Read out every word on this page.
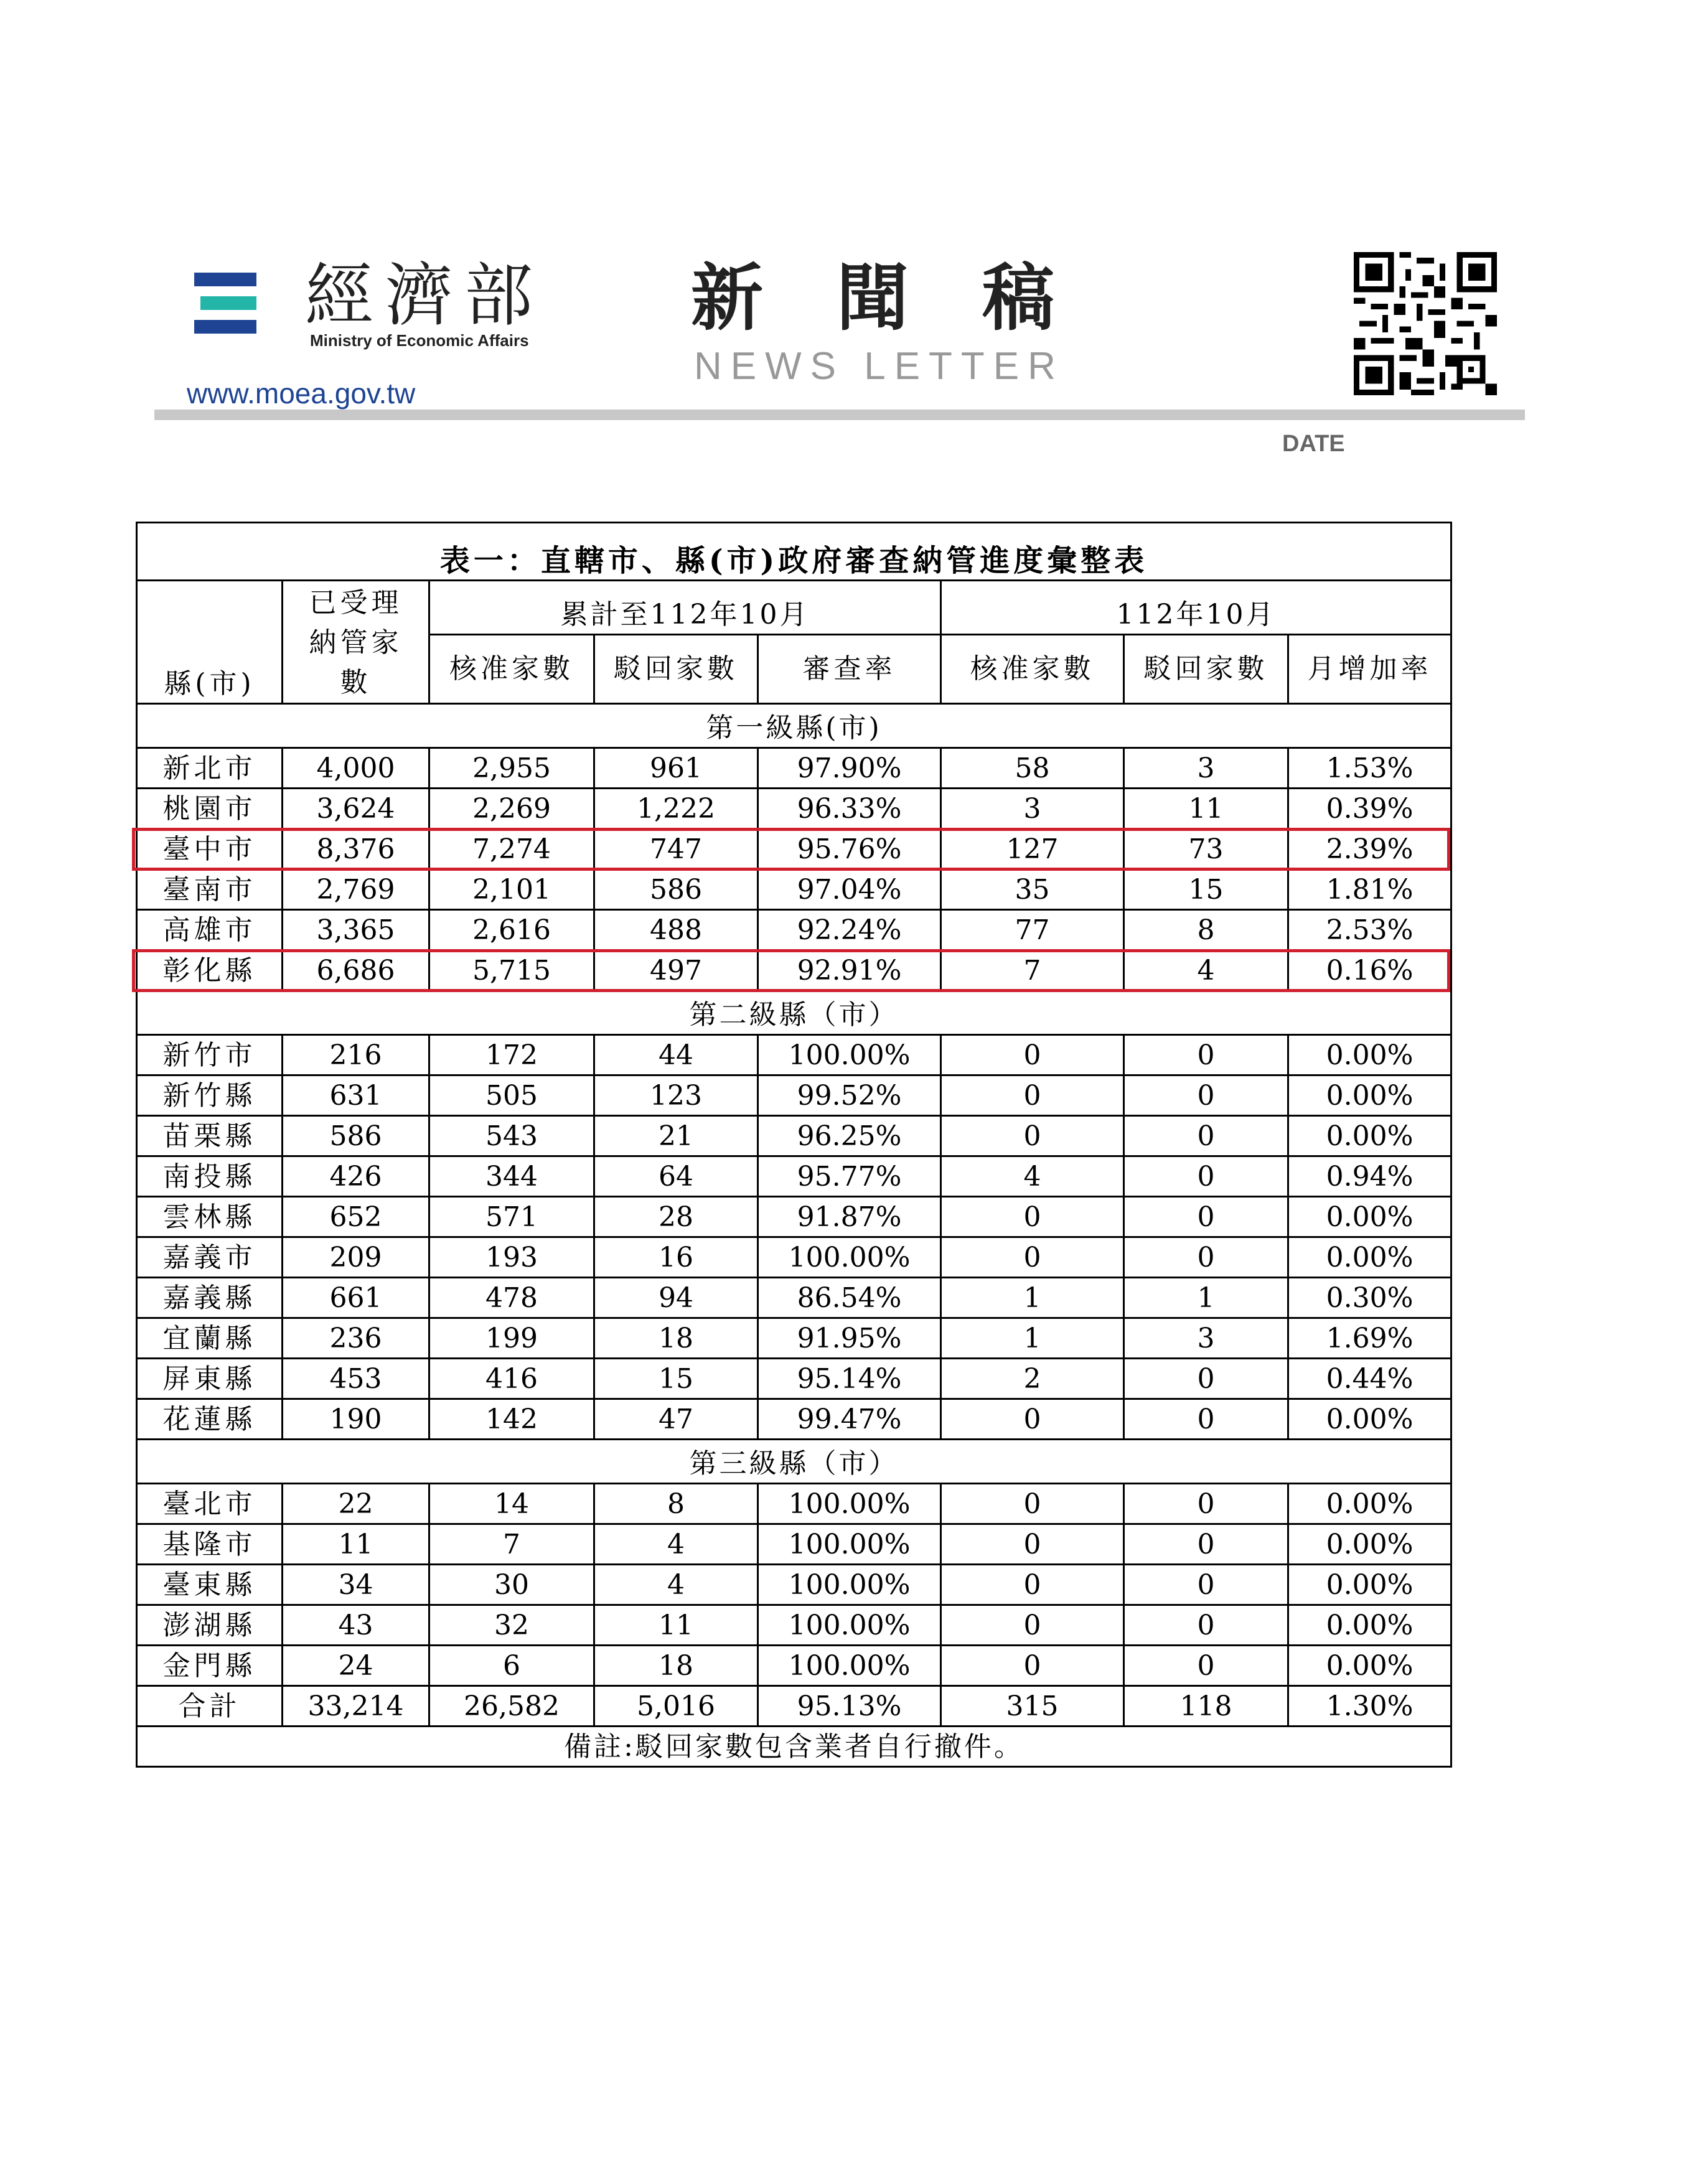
經濟部
Ministry of Economic Affairs
www.moea.gov.tw
新聞稿
NEWS LETTER
DATE
表一：直轄市、縣(市)政府審查納管進度彙整表							
縣(市)	已受理納管家數	累計至112年10月			112年10月		
		核准家數	駁回家數	審查率	核准家數	駁回家數	月增加率
第一級縣(市)							
新北市	4,000	2,955	961	97.90%	58	3	1.53%
桃園市	3,624	2,269	1,222	96.33%	3	11	0.39%
臺中市	8,376	7,274	747	95.76%	127	73	2.39%
臺南市	2,769	2,101	586	97.04%	35	15	1.81%
高雄市	3,365	2,616	488	92.24%	77	8	2.53%
彰化縣	6,686	5,715	497	92.91%	7	4	0.16%
第二級縣（市）							
新竹市	216	172	44	100.00%	0	0	0.00%
新竹縣	631	505	123	99.52%	0	0	0.00%
苗栗縣	586	543	21	96.25%	0	0	0.00%
南投縣	426	344	64	95.77%	4	0	0.94%
雲林縣	652	571	28	91.87%	0	0	0.00%
嘉義市	209	193	16	100.00%	0	0	0.00%
嘉義縣	661	478	94	86.54%	1	1	0.30%
宜蘭縣	236	199	18	91.95%	1	3	1.69%
屏東縣	453	416	15	95.14%	2	0	0.44%
花蓮縣	190	142	47	99.47%	0	0	0.00%
第三級縣（市）							
臺北市	22	14	8	100.00%	0	0	0.00%
基隆市	11	7	4	100.00%	0	0	0.00%
臺東縣	34	30	4	100.00%	0	0	0.00%
澎湖縣	43	32	11	100.00%	0	0	0.00%
金門縣	24	6	18	100.00%	0	0	0.00%
合計	33,214	26,582	5,016	95.13%	315	118	1.30%
備註:駁回家數包含業者自行撤件。							
